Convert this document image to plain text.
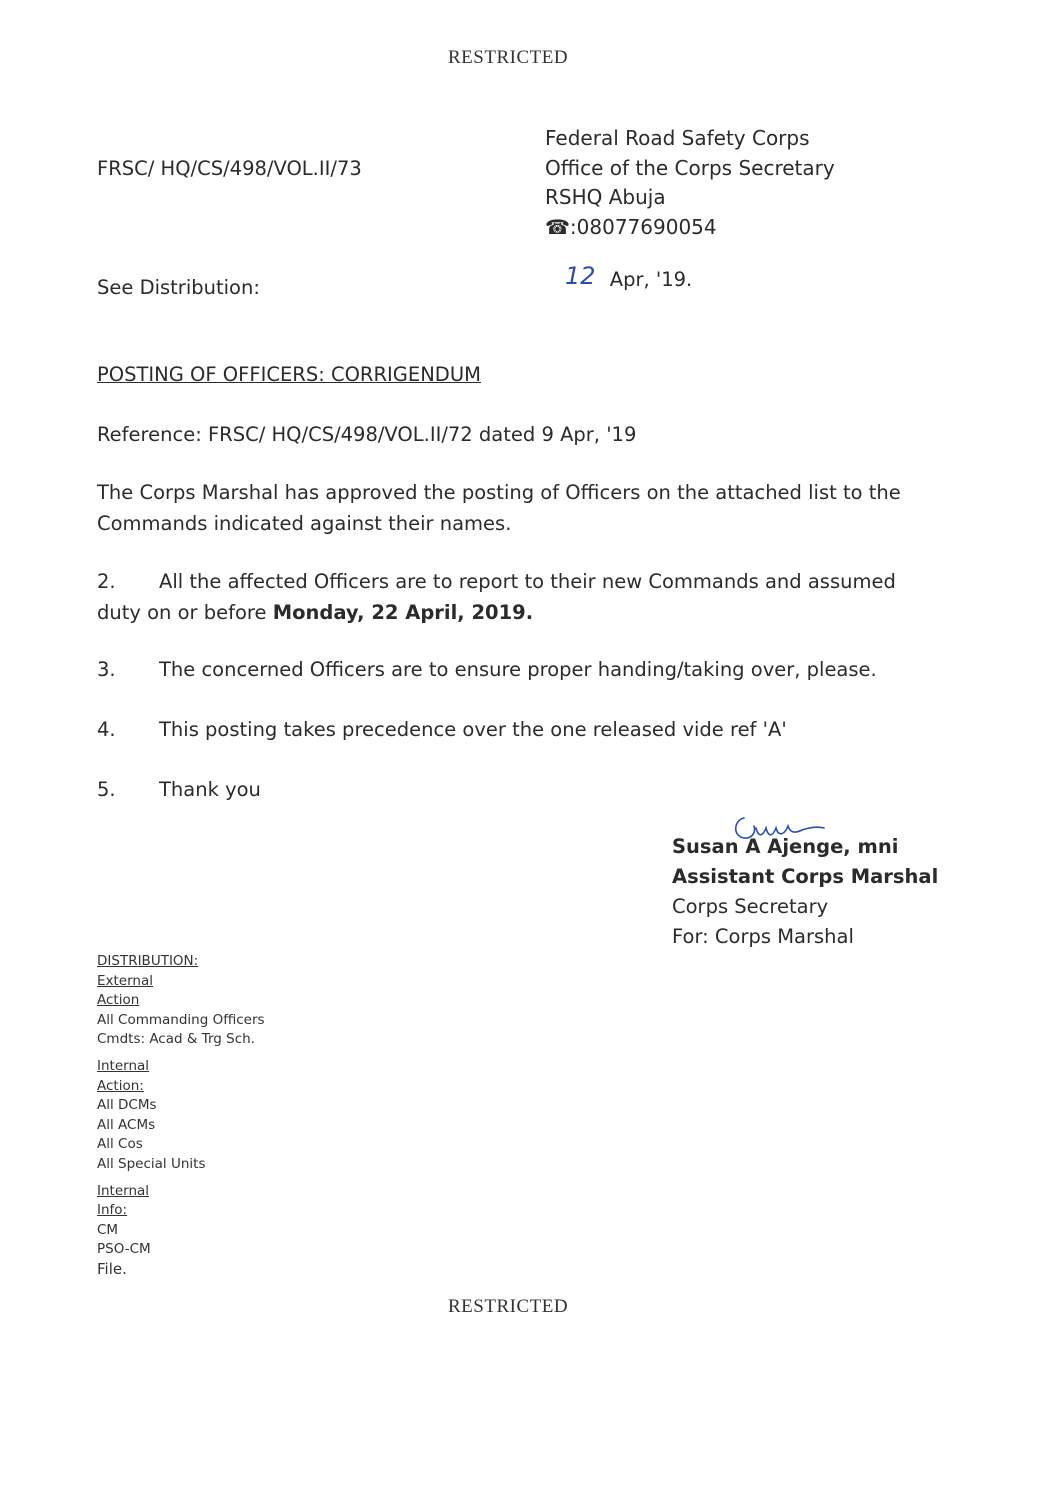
RESTRICTED
FRSC/ HQ/CS/498/VOL.II/73
Federal Road Safety Corps
Office of the Corps Secretary
RSHQ Abuja
☎:08077690054
See Distribution:	12 Apr, '19.
POSTING OF OFFICERS: CORRIGENDUM
Reference: FRSC/ HQ/CS/498/VOL.II/72 dated 9 Apr, '19
The Corps Marshal has approved the posting of Officers on the attached list to the Commands indicated against their names.
2. All the affected Officers are to report to their new Commands and assumed duty on or before Monday, 22 April, 2019.
3. The concerned Officers are to ensure proper handing/taking over, please.
4. This posting takes precedence over the one released vide ref 'A'
5. Thank you
Susan A Ajenge, mni
Assistant Corps Marshal
Corps Secretary
For: Corps Marshal
DISTRIBUTION:
External
Action
All Commanding Officers
Cmdts: Acad & Trg Sch.
Internal
Action:
All DCMs
All ACMs
All Cos
All Special Units
Internal
Info:
CM
PSO-CM
File.
RESTRICTED
